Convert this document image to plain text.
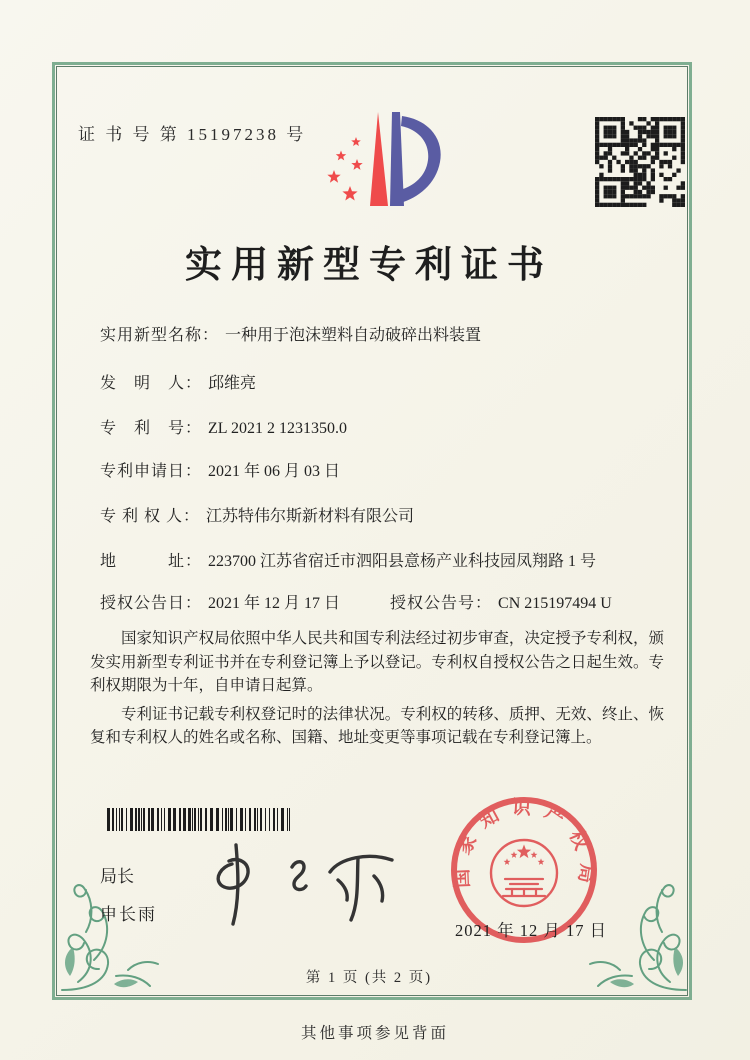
证 书 号 第 15197238 号
实用新型专利证书
实用新型名称： 一种用于泡沫塑料自动破碎出料装置
发　明　人： 邱维亮
专　利　号： ZL 2021 2 1231350.0
专利申请日： 2021 年 06 月 03 日
专 利 权 人： 江苏特伟尔斯新材料有限公司
地　　　址： 223700 江苏省宿迁市泗阳县意杨产业科技园凤翔路 1 号
授权公告日： 2021 年 12 月 17 日	授权公告号： CN 215197494 U

国家知识产权局依照中华人民共和国专利法经过初步审查，决定授予专利权，颁发实用新型专利证书并在专利登记簿上予以登记。专利权自授权公告之日起生效。专利权期限为十年，自申请日起算。

专利证书记载专利权登记时的法律状况。专利权的转移、质押、无效、终止、恢复和专利权人的姓名或名称、国籍、地址变更等事项记载在专利登记簿上。

局长
申长雨
国家知识产权局
2021 年 12 月 17 日
第 1 页 (共 2 页)
其他事项参见背面
